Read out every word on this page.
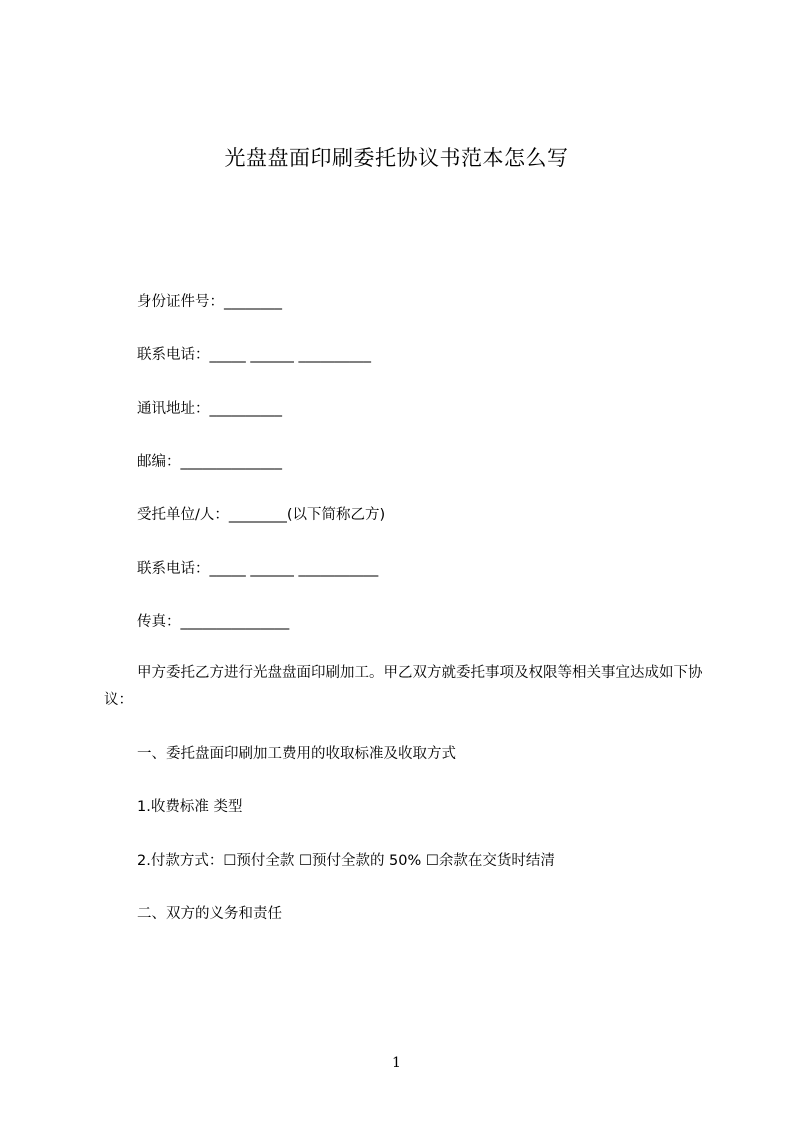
光盘盘面印刷委托协议书范本怎么写
身份证件号：________
联系电话：_____ ______ __________
通讯地址：__________
邮编：______________
受托单位/人：________(以下简称乙方)
联系电话：_____ ______ ___________
传真：_______________
甲方委托乙方进行光盘盘面印刷加工。甲乙双方就委托事项及权限等相关事宜达成如下协议：
一、委托盘面印刷加工费用的收取标准及收取方式
1.收费标准 类型
2.付款方式：☐预付全款 ☐预付全款的 50% ☐余款在交货时结清
二、双方的义务和责任
1
